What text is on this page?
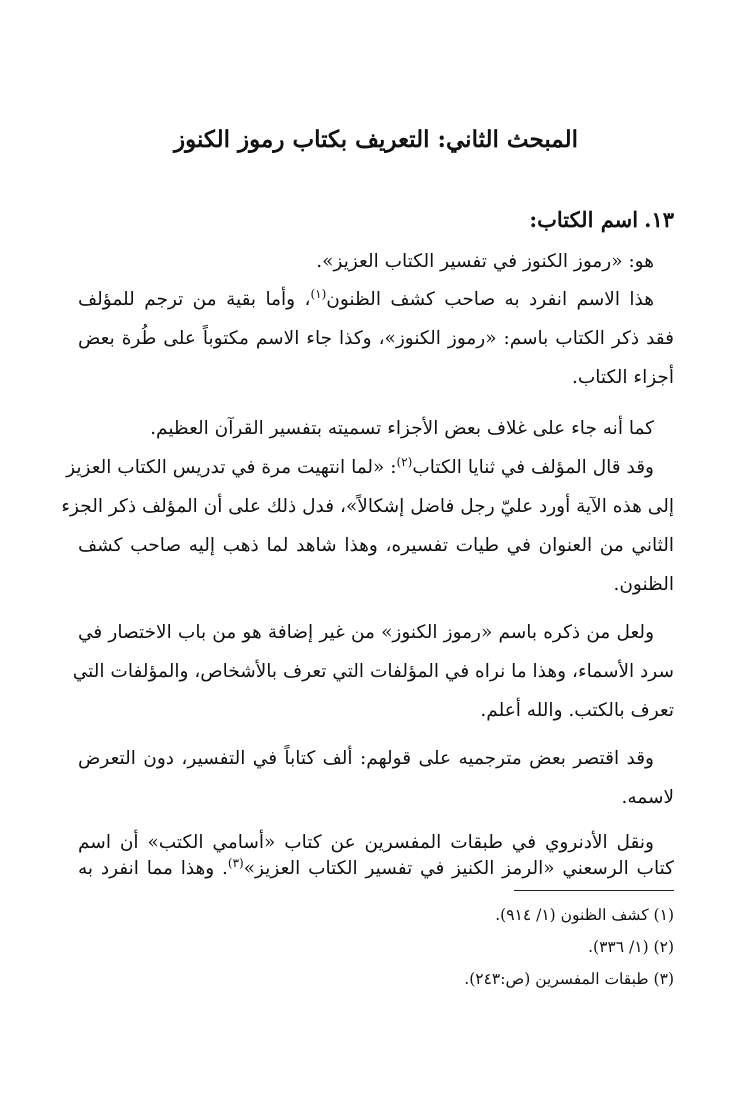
المبحث الثاني: التعريف بكتاب رموز الكنوز
١٣.اسم الكتاب:
هو: «رموز الكنوز في تفسير الكتاب العزيز».
هذا الاسم انفرد به صاحب كشف الظنون$^{(١)}$، وأما بقية من ترجم للمؤلف
فقد ذكر الكتاب باسم: «رموز الكنوز»، وكذا جاء الاسم مكتوباً على طُرة بعض
أجزاء الكتاب.
كما أنه جاء على غلاف بعض الأجزاء تسميته بتفسير القرآن العظيم.
وقد قال المؤلف في ثنايا الكتاب$^{(٢)}$: «لما انتهيت مرة في تدريس الكتاب العزيز
إلى هذه الآية أورد عليّ رجل فاضل إشكالاً»، فدل ذلك على أن المؤلف ذكر الجزء
الثاني من العنوان في طيات تفسيره، وهذا شاهد لما ذهب إليه صاحب كشف
الظنون.
ولعل من ذكره باسم «رموز الكنوز» من غير إضافة هو من باب الاختصار في
سرد الأسماء، وهذا ما نراه في المؤلفات التي تعرف بالأشخاص، والمؤلفات التي
تعرف بالكتب. والله أعلم.
وقد اقتصر بعض مترجميه على قولهم: ألف كتاباً في التفسير، دون التعرض
لاسمه.
ونقل الأدنروي في طبقات المفسرين عن كتاب «أسامي الكتب» أن اسم
كتاب الرسعني «الرمز الكنيز في تفسير الكتاب العزيز»$^{(٣)}$. وهذا مما انفرد به
(١) كشف الظنون (١/ ٩١٤).
(٢) (١/ ٣٣٦).
(٣) طبقات المفسرين (ص:٢٤٣).
